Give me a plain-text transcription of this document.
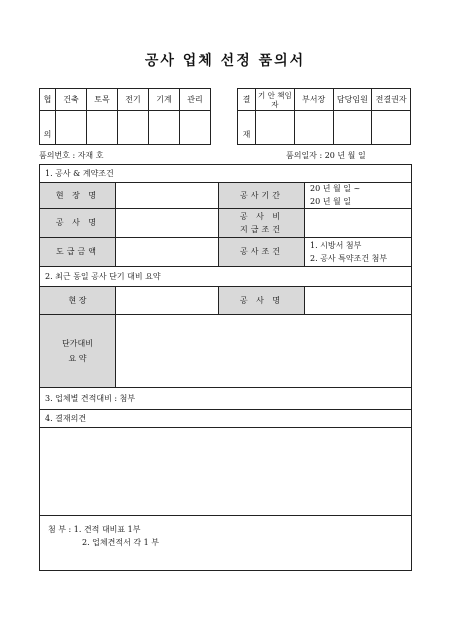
공사 업체 선정 품의서
협	건축	토목	전기	기계	관리
의					
결	기 안 책임자	부서장	담당임원	전결권자
재				
품의번호 : 자재 호	품의일자 : 20 년 월 일
1. 공사 & 계약조건			
현 장 명		공사기간	20 년 월 일 ~
20 년 월 일

공 사 명		공 사 비
지급조건	

도급금액		공사조건	1. 시방서 첨부
2. 공사 특약조건 첨부

2. 최근 동일 공사 단기 대비 요약			
현 장		공 사 명	

단가대비
요 약			

3. 업체별 견적대비 : 첨부			
4. 결재의견			

첨 부 : 1. 견적 대비표 1부
2. 업체견적서 각 1 부			
